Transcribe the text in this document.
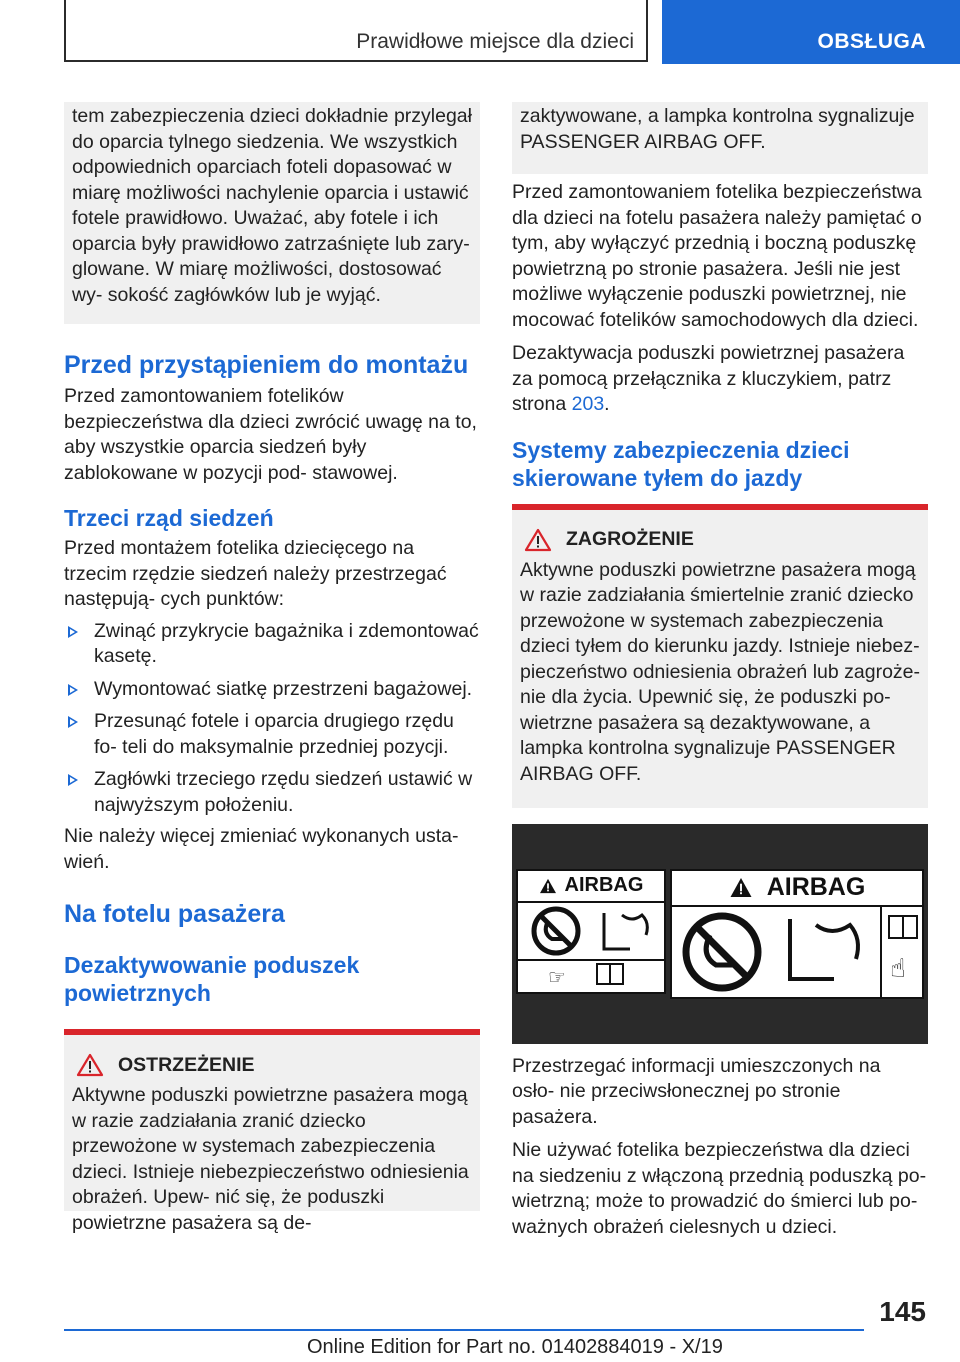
Prawidłowe miejsce dla dzieci	OBSŁUGA

tem zabezpieczenia dzieci dokładnie przylegał do oparcia tylnego siedzenia. We wszystkich odpowiednich oparciach foteli dopasować w miarę możliwości nachylenie oparcia i ustawić fotele prawidłowo. Uważać, aby fotele i ich oparcia były prawidłowo zatrzaśnięte lub zary- glowane. W miarę możliwości, dostosować wy- sokość zagłówków lub je wyjąć.

Przed przystąpieniem do montażu

Przed zamontowaniem fotelików bezpieczeństwa dla dzieci zwrócić uwagę na to, aby wszystkie oparcia siedzeń były zablokowane w pozycji pod- stawowej.

Trzeci rząd siedzeń

Przed montażem fotelika dziecięcego na trzecim rzędzie siedzeń należy przestrzegać następują- cych punktów:

Zwinąć przykrycie bagażnika i zdemontować kasetę.
Wymontować siatkę przestrzeni bagażowej.
Przesunąć fotele i oparcia drugiego rzędu fo- teli do maksymalnie przedniej pozycji.
Zagłówki trzeciego rzędu siedzeń ustawić w najwyższym położeniu.

Nie należy więcej zmieniać wykonanych usta- wień.

Na fotelu pasażera
Dezaktywowanie poduszek powietrznych
OSTRZEŻENIE

Aktywne poduszki powietrzne pasażera mogą w razie zadziałania zranić dziecko przewożone w systemach zabezpieczenia dzieci. Istnieje niebezpieczeństwo odniesienia obrażeń. Upew- nić się, że poduszki powietrzne pasażera są de-

zaktywowane, a lampka kontrolna sygnalizuje PASSENGER AIRBAG OFF.

Przed zamontowaniem fotelika bezpieczeństwa dla dzieci na fotelu pasażera należy pamiętać o tym, aby wyłączyć przednią i boczną poduszkę powietrzną po stronie pasażera. Jeśli nie jest możliwe wyłączenie poduszki powietrznej, nie mocować fotelików samochodowych dla dzieci.

Dezaktywacja poduszki powietrznej pasażera za pomocą przełącznika z kluczykiem, patrz strona 203.

Systemy zabezpieczenia dzieci skierowane tyłem do jazdy
ZAGROŻENIE

Aktywne poduszki powietrzne pasażera mogą w razie zadziałania śmiertelnie zranić dziecko przewożone w systemach zabezpieczenia dzieci tyłem do kierunku jazdy. Istnieje niebez- pieczeństwo odniesienia obrażeń lub zagroże- nie dla życia. Upewnić się, że poduszki po- wietrzne pasażera są dezaktywowane, a lampka kontrolna sygnalizuje PASSENGER AIRBAG OFF.

AIRBAG
☞
AIRBAG
☝

Przestrzegać informacji umieszczonych na osło- nie przeciwsłonecznej po stronie pasażera.

Nie używać fotelika bezpieczeństwa dla dzieci na siedzeniu z włączoną przednią poduszką po- wietrzną; może to prowadzić do śmierci lub po- ważnych obrażeń cielesnych u dzieci.

145
Online Edition for Part no. 01402884019 - X/19
